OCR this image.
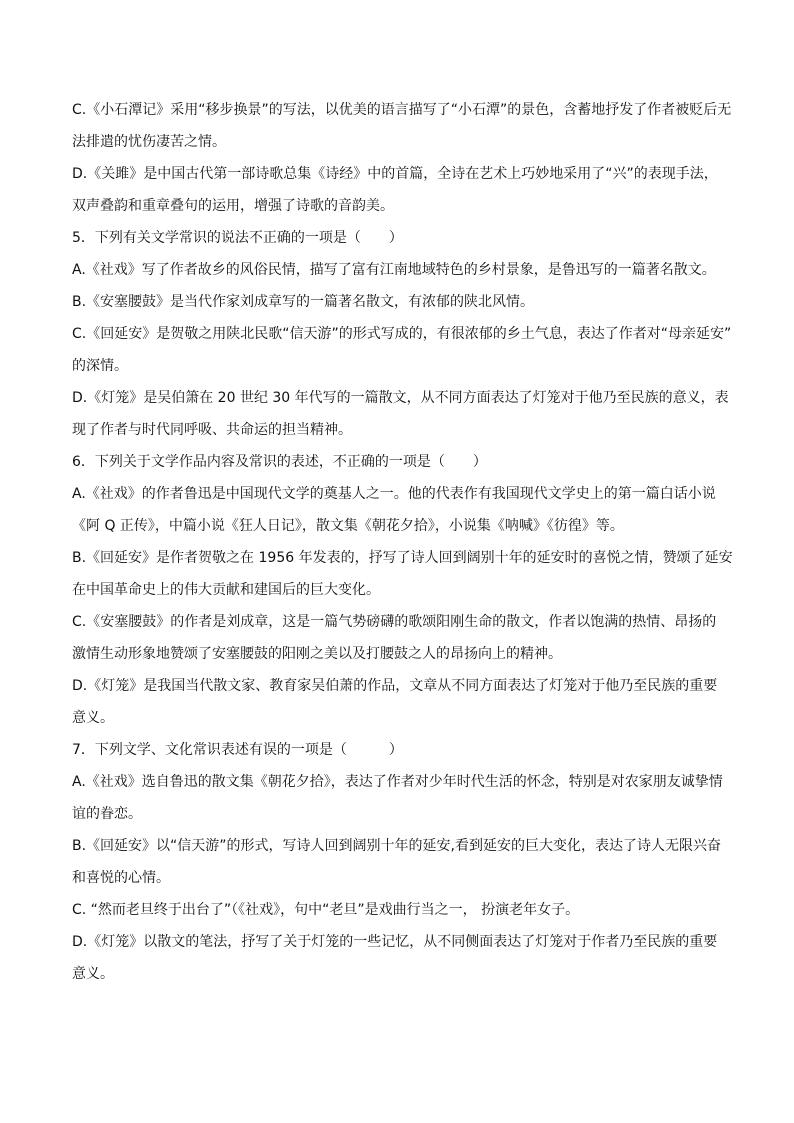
C.《小石潭记》采用“移步换景”的写法，以优美的语言描写了“小石潭”的景色，含蓄地抒发了作者被贬后无
法排遣的忧伤凄苦之情。
D.《关雎》是中国古代第一部诗歌总集《诗经》中的首篇，全诗在艺术上巧妙地采用了“兴”的表现手法，
双声叠韵和重章叠句的运用，增强了诗歌的音韵美。
5．下列有关文学常识的说法不正确的一项是（　　）
A.《社戏》写了作者故乡的风俗民情，描写了富有江南地域特色的乡村景象，是鲁迅写的一篇著名散文。
B.《安塞腰鼓》是当代作家刘成章写的一篇著名散文，有浓郁的陕北风情。
C.《回延安》是贺敬之用陕北民歌“信天游”的形式写成的，有很浓郁的乡土气息，表达了作者对“母亲延安”
的深情。
D.《灯笼》是吴伯箫在 20 世纪 30 年代写的一篇散文，从不同方面表达了灯笼对于他乃至民族的意义，表
现了作者与时代同呼吸、共命运的担当精神。
6．下列关于文学作品内容及常识的表述，不正确的一项是（　　）
A.《社戏》的作者鲁迅是中国现代文学的奠基人之一。他的代表作有我国现代文学史上的第一篇白话小说
《阿 Q 正传》，中篇小说《狂人日记》，散文集《朝花夕拾》，小说集《呐喊》《彷徨》等。
B.《回延安》是作者贺敬之在 1956 年发表的，抒写了诗人回到阔别十年的延安时的喜悦之情，赞颂了延安
在中国革命史上的伟大贡献和建国后的巨大变化。
C.《安塞腰鼓》的作者是刘成章，这是一篇气势磅礴的歌颂阳刚生命的散文，作者以饱满的热情、昂扬的
激情生动形象地赞颂了安塞腰鼓的阳刚之美以及打腰鼓之人的昂扬向上的精神。
D.《灯笼》是我国当代散文家、教育家吴伯萧的作品，文章从不同方面表达了灯笼对于他乃至民族的重要
意义。
7．下列文学、文化常识表述有误的一项是（　　　）
A.《社戏》选自鲁迅的散文集《朝花夕拾》，表达了作者对少年时代生活的怀念，特别是对农家朋友诚挚情
谊的眷恋。
B.《回延安》以“信天游”的形式，写诗人回到阔别十年的延安,看到延安的巨大变化，表达了诗人无限兴奋
和喜悦的心情。
C. “然而老旦终于出台了”（《社戏》，句中“老旦”是戏曲行当之一， 扮演老年女子。
D.《灯笼》以散文的笔法，抒写了关于灯笼的一些记忆，从不同侧面表达了灯笼对于作者乃至民族的重要
意义。
